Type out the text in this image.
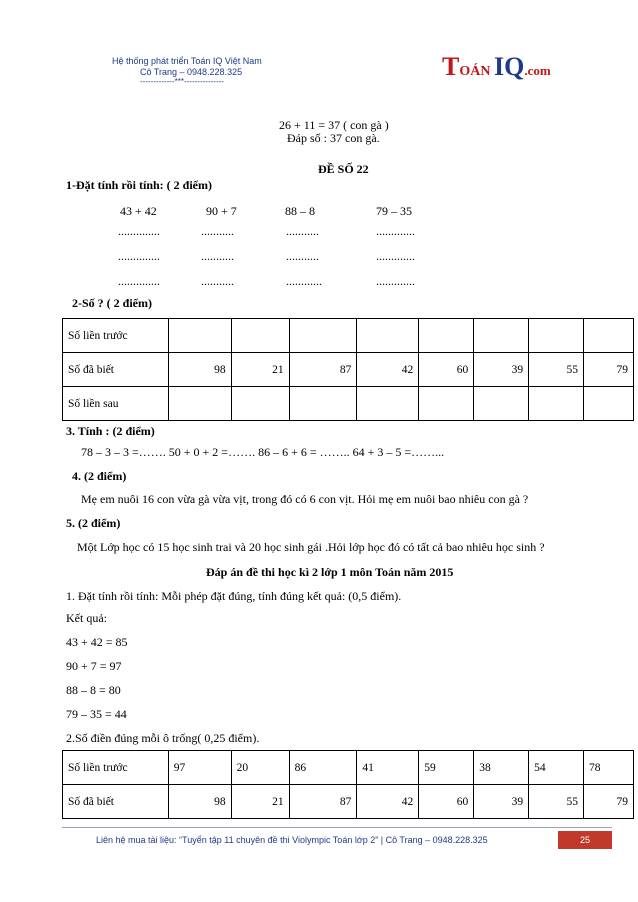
Hệ thống phát triển Toán IQ Việt Nam
Cô Trang – 0948.228.325
-------------***---------------
TOÁN IQ.com
26 + 11 = 37 ( con gà )
Đáp số : 37 con gà.
ĐỀ SỐ 22
1-Đặt tính rồi tính: ( 2 điểm)
43 + 42	90 + 7	88 – 8	79 – 35
..............	...........	...........	.............
..............	...........	...........	.............
..............	...........	............	.............
2-Số ? ( 2 điểm)
Số liền trước								
Số đã biết	98	21	87	42	60	39	55	79
Số liền sau								
3. Tính : (2 điểm)
78 – 3 – 3 =……. 50 + 0 + 2 =……. 86 – 6 + 6 = …….. 64 + 3 – 5 =……...
4. (2 điểm)
Mẹ em nuôi 16 con vừa gà vừa vịt, trong đó có 6 con vịt. Hỏi mẹ em nuôi bao nhiêu con gà ?
5. (2 điểm)
Một Lớp học có 15 học sinh trai và 20 học sinh gái .Hỏi lớp học đó có tất cả bao nhiêu học sinh ?
Đáp án đề thi học kì 2 lớp 1 môn Toán năm 2015
1. Đặt tính rồi tính: Mỗi phép đặt đúng, tính đúng kết quả: (0,5 điểm).
Kết quả:
43 + 42 = 85
90 + 7 = 97
88 – 8 = 80
79 – 35 = 44
2.Số điền đúng mỗi ô trống( 0,25 điểm).
Số liền trước	97	20	86	41	59	38	54	78
Số đã biết	98	21	87	42	60	39	55	79
Liên hệ mua tài liệu: “Tuyển tập 11 chuyên đề thi Violympic Toán lớp 2” | Cô Trang – 0948.228.325	25
